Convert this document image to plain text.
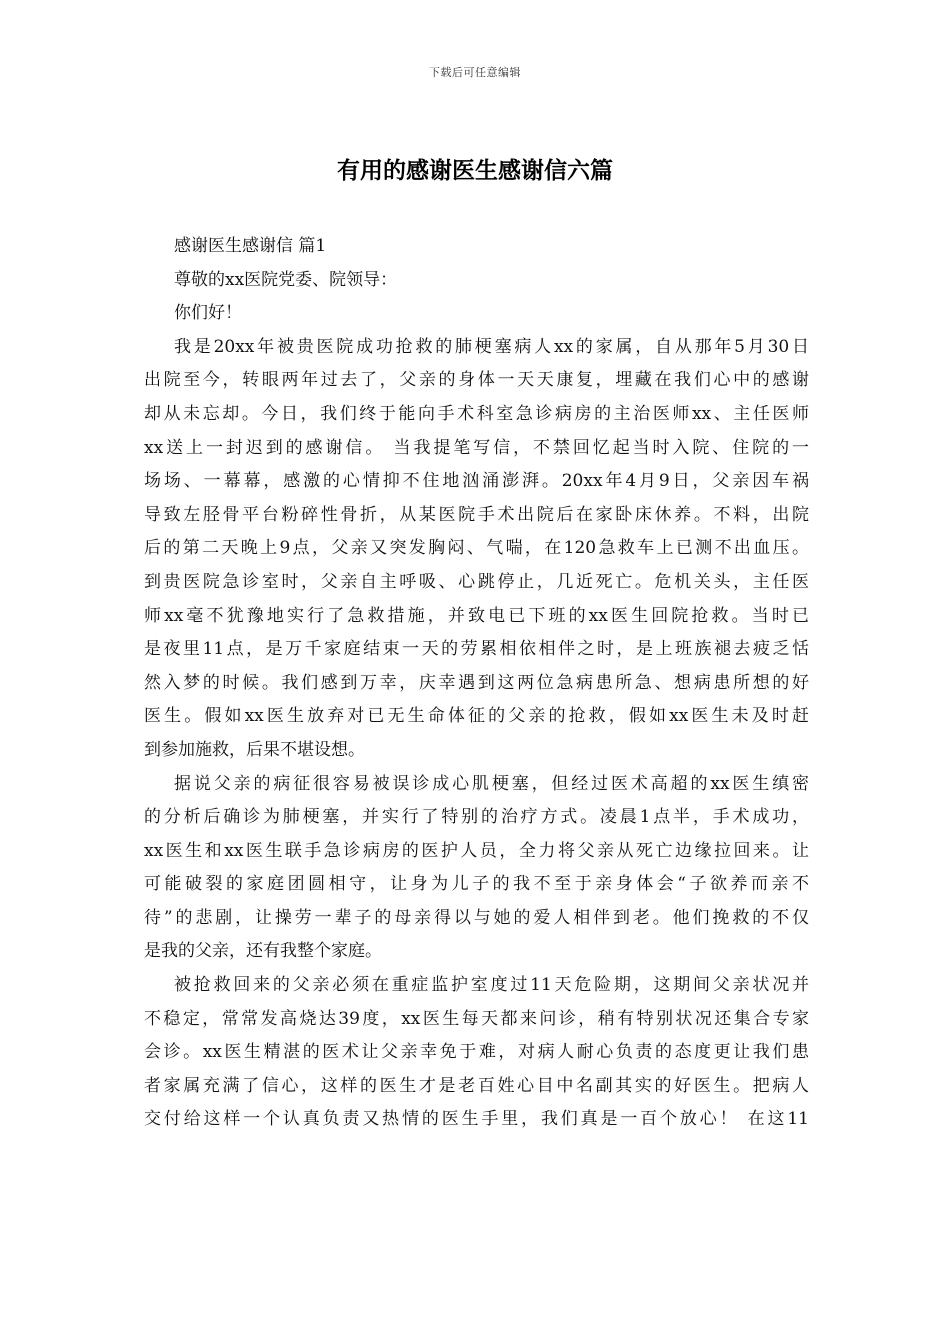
下载后可任意编辑
有用的感谢医生感谢信六篇
感谢医生感谢信 篇1
尊敬的xx医院党委、院领导：
你们好！
我是20xx年被贵医院成功抢救的肺梗塞病人xx的家属，自从那年5月30日
出院至今，转眼两年过去了，父亲的身体一天天康复，埋藏在我们心中的感谢
却从未忘却。今日，我们终于能向手术科室急诊病房的主治医师xx、主任医师
xx送上一封迟到的感谢信。 当我提笔写信，不禁回忆起当时入院、住院的一
场场、一幕幕，感激的心情抑不住地汹涌澎湃。20xx年4月9日，父亲因车祸
导致左胫骨平台粉碎性骨折，从某医院手术出院后在家卧床休养。不料，出院
后的第二天晚上9点，父亲又突发胸闷、气喘，在120急救车上已测不出血压。
到贵医院急诊室时，父亲自主呼吸、心跳停止，几近死亡。危机关头，主任医
师xx毫不犹豫地实行了急救措施，并致电已下班的xx医生回院抢救。当时已
是夜里11点，是万千家庭结束一天的劳累相依相伴之时，是上班族褪去疲乏恬
然入梦的时候。我们感到万幸，庆幸遇到这两位急病患所急、想病患所想的好
医生。假如xx医生放弃对已无生命体征的父亲的抢救，假如xx医生未及时赶
到参加施救，后果不堪设想。
据说父亲的病征很容易被误诊成心肌梗塞，但经过医术高超的xx医生缜密
的分析后确诊为肺梗塞，并实行了特别的治疗方式。凌晨1点半，手术成功，
xx医生和xx医生联手急诊病房的医护人员，全力将父亲从死亡边缘拉回来。让
可能破裂的家庭团圆相守，让身为儿子的我不至于亲身体会“子欲养而亲不
待”的悲剧，让操劳一辈子的母亲得以与她的爱人相伴到老。他们挽救的不仅
是我的父亲，还有我整个家庭。
被抢救回来的父亲必须在重症监护室度过11天危险期，这期间父亲状况并
不稳定，常常发高烧达39度，xx医生每天都来问诊，稍有特别状况还集合专家
会诊。xx医生精湛的医术让父亲幸免于难，对病人耐心负责的态度更让我们患
者家属充满了信心，这样的医生才是老百姓心目中名副其实的好医生。把病人
交付给这样一个认真负责又热情的医生手里，我们真是一百个放心！ 在这11
